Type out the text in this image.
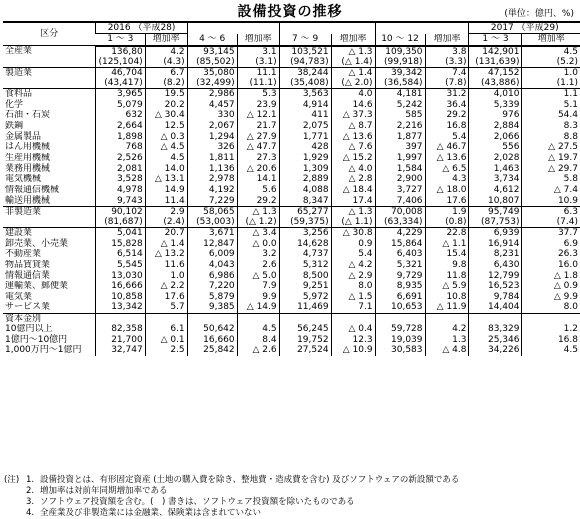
設備投資の推移	(単位：億円、%)
区分	2016 （平成28)								2017 （平成29)	
	1 〜 3	増加率	4 〜 6	増加率	7 〜 9	増加率	10 〜 12	増加率	1 〜 3	増加率
全産業	136,80	4.2	93,145	3.1	103,521	△ 1.3	109,350	3.8	142,901	4.5
	(125,104)	(4.3)	(85,502)	(3.1)	(94,783)	(△ 1.4)	(99,918)	(3.3)	(131,639)	(5.2)
製造業	46,704	6.7	35,080	11.1	38,244	△ 1.4	39,342	7.4	47,152	1.0
	(43,417)	(8.2)	(32,499)	(11.1)	(35,408)	(△ 2.0)	(36,584)	(7.8)	(43,886)	(1.1)
食料品	3,965	19.5	2,986	5.3	3,563	4.0	4,181	31.2	4,010	1.1
化学	5,079	20.2	4,457	23.9	4,914	14.6	5,242	36.4	5,339	5.1
石油・石炭	632	△ 30.4	330	△ 12.1	411	△ 37.3	585	29.2	976	54.4
鉄鋼	2,664	12.5	2,067	21.7	2,075	△ 8.7	2,216	16.8	2,884	8.3
金属製品	1,898	△ 0.3	1,294	△ 27.9	1,771	△ 13.6	1,877	5.4	2,066	8.8
はん用機械	768	△ 4.5	326	△ 47.7	428	△ 7.6	397	△ 46.7	556	△ 27.5
生産用機械	2,526	4.5	1,811	27.3	1,929	△ 15.2	1,997	△ 13.6	2,028	△ 19.7
業務用機械	2,081	14.0	1,136	△ 20.6	1,309	△ 4.0	1,584	△ 6.5	1,463	△ 29.7
電気機械	3,528	△ 13.1	2,978	14.1	2,889	△ 2.8	2,900	4.3	3,734	5.8
情報通信機械	4,978	14.9	4,192	5.6	4,088	△ 18.4	3,727	△ 18.0	4,612	△ 7.4
輸送用機械	9,743	11.4	7,229	29.2	8,347	17.4	7,406	17.6	10,807	10.9
非製造業	90,102	2.9	58,065	△ 1.3	65,277	△ 1.3	70,008	1.9	95,749	6.3
	(81,687)	(2.4)	(53,003)	(△ 1.2)	(59,375)	(△ 1.1)	(63,334)	(0.8)	(87,753)	(7.4)
建設業	5,041	20.7	3,671	△ 3.4	3,256	△ 30.8	4,229	22.8	6,939	37.7
卸売業、小売業	15,828	△ 1.4	12,847	△ 0.0	14,628	0.9	15,864	△ 1.1	16,914	6.9
不動産業	6,514	△ 13.2	6,009	3.2	4,737	5.4	6,403	15.4	8,231	26.3
物品賃貸業	5,545	11.6	4,043	2.6	5,312	△ 4.2	5,321	9.8	6,430	16.0
情報通信業	13,030	1.0	6,986	△ 5.0	8,500	△ 2.9	9,729	11.8	12,799	△ 1.8
運輸業、郵便業	16,666	△ 2.2	7,220	7.9	9,251	8.0	8,935	△ 5.9	16,523	△ 0.9
電気業	10,858	17.6	5,879	9.9	5,972	△ 1.5	6,691	10.8	9,784	△ 9.9
サービス業	13,342	5.7	9,385	△ 14.9	11,469	7.1	10,653	△ 11.9	14,404	8.0
資本金別										
10億円以上	82,358	6.1	50,642	4.5	56,245	△ 0.4	59,728	4.2	83,329	1.2
1億円〜10億円	21,700	△ 0.1	16,660	8.4	19,752	12.3	19,039	1.3	25,346	16.8
1,000万円〜1億円	32,747	2.5	25,842	△ 2.6	27,524	△ 10.9	30,583	△ 4.8	34,226	4.5
(注) 1. 設備投資とは、有形固定資産 (土地の購入費を除き、整地費・造成費を含む) 及びソフトウェアの新設額である
2. 増加率は対前年同期増加率である
3. ソフトウェア投資額を含む。(　) 書きは、ソフトウェア投資額を除いたものである
4. 全産業及び非製造業には金融業、保険業は含まれていない
